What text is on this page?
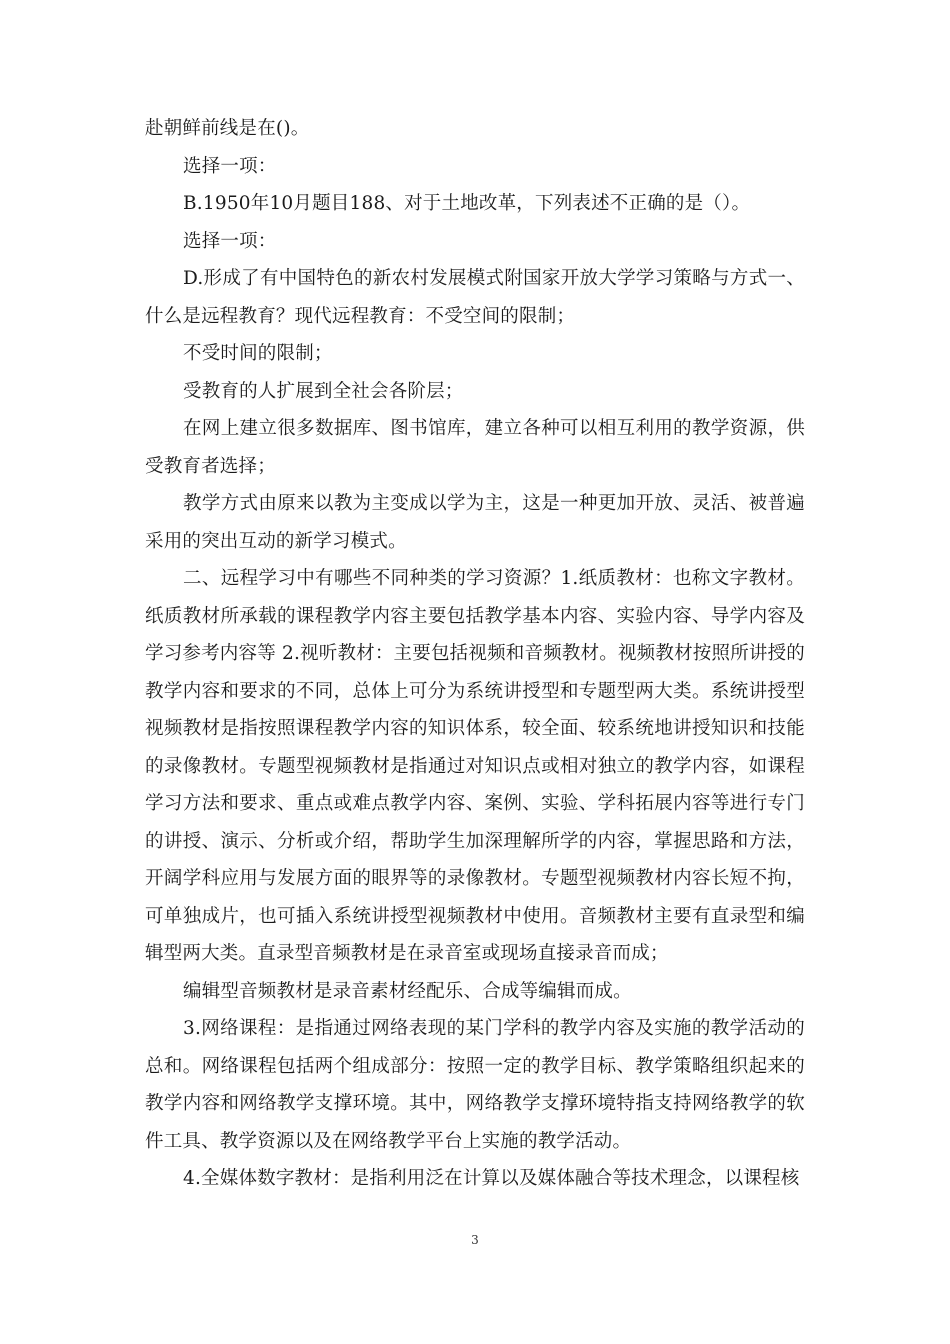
赴朝鲜前线是在()。

选择一项：

B.1950年10月题目188、对于土地改革，下列表述不正确的是（）。

选择一项：

D.形成了有中国特色的新农村发展模式附国家开放大学学习策略与方式一、什么是远程教育？现代远程教育：不受空间的限制；

不受时间的限制；

受教育的人扩展到全社会各阶层；

在网上建立很多数据库、图书馆库，建立各种可以相互利用的教学资源，供受教育者选择；

教学方式由原来以教为主变成以学为主，这是一种更加开放、灵活、被普遍采用的突出互动的新学习模式。

二、远程学习中有哪些不同种类的学习资源？1.纸质教材：也称文字教材。纸质教材所承载的课程教学内容主要包括教学基本内容、实验内容、导学内容及学习参考内容等 2.视听教材：主要包括视频和音频教材。视频教材按照所讲授的教学内容和要求的不同，总体上可分为系统讲授型和专题型两大类。系统讲授型视频教材是指按照课程教学内容的知识体系，较全面、较系统地讲授知识和技能的录像教材。专题型视频教材是指通过对知识点或相对独立的教学内容，如课程学习方法和要求、重点或难点教学内容、案例、实验、学科拓展内容等进行专门的讲授、演示、分析或介绍，帮助学生加深理解所学的内容，掌握思路和方法，开阔学科应用与发展方面的眼界等的录像教材。专题型视频教材内容长短不拘，可单独成片，也可插入系统讲授型视频教材中使用。音频教材主要有直录型和编辑型两大类。直录型音频教材是在录音室或现场直接录音而成；

编辑型音频教材是录音素材经配乐、合成等编辑而成。

3.网络课程：是指通过网络表现的某门学科的教学内容及实施的教学活动的总和。网络课程包括两个组成部分：按照一定的教学目标、教学策略组织起来的教学内容和网络教学支撑环境。其中，网络教学支撑环境特指支持网络教学的软件工具、教学资源以及在网络教学平台上实施的教学活动。

4.全媒体数字教材：是指利用泛在计算以及媒体融合等技术理念，以课程核

3
